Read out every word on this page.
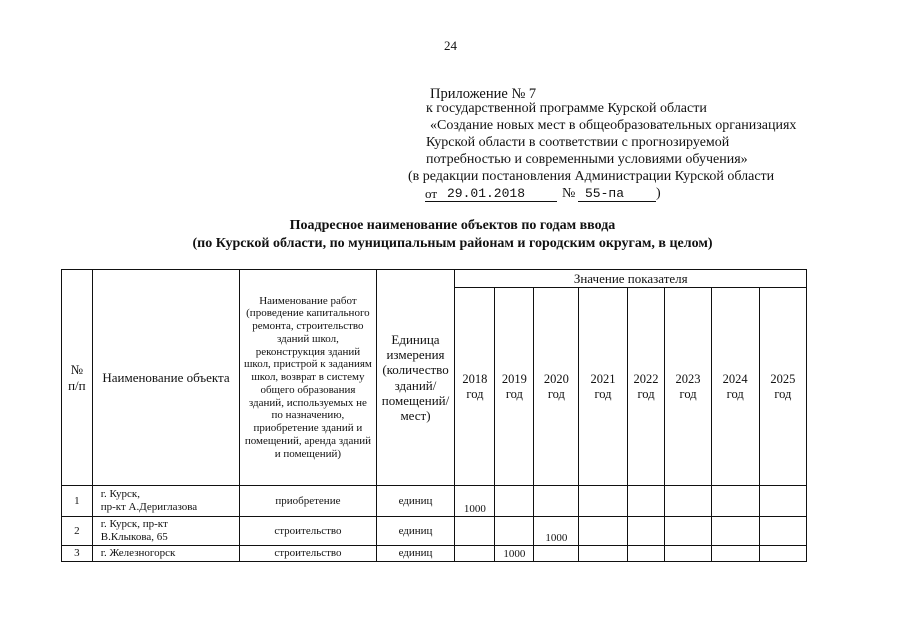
24
Приложение № 7
к государственной программе Курской области
«Создание новых мест в общеобразовательных организациях
Курской области в соответствии с прогнозируемой
потребностью и современными условиями обучения»
(в редакции постановления Администрации Курской области
от 29.01.2018	№ 55-па )
Поадресное наименование объектов по годам ввода
(по Курской области, по муниципальным районам и городским округам, в целом)
№ п/п	Наименование объекта	Наименование работ (проведение капитального ремонта, строительство зданий школ, реконструкция зданий школ, пристрой к заданиям школ, возврат в систему общего образования зданий, используемых не по назначению, приобретение зданий и помещений, аренда зданий и помещений)	Единица измерения (количество зданий/ помещений/ мест)	Значение показателя							
				2018 год	2019 год	2020 год	2021 год	2022 год	2023 год	2024 год	2025 год
1	г. Курск,
пр-кт А.Дериглазова	приобретение	единиц	1000							
2	г. Курск, пр-кт
В.Клыкова, 65	строительство	единиц			1000					
3	г. Железногорск	строительство	единиц		1000						
